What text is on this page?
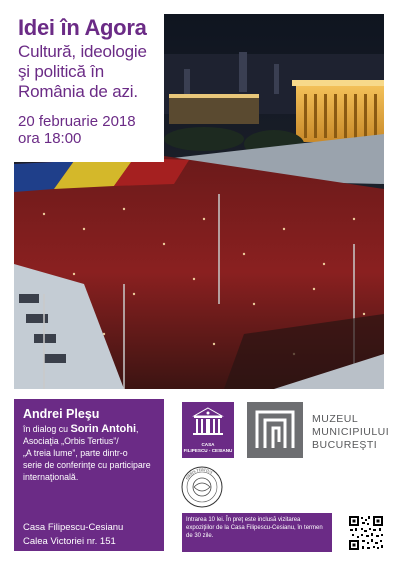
Idei în Agora
Cultură, ideologie
şi politică în
România de azi.
20 februarie 2018
ora 18:00
Andrei Pleşu
în dialog cu Sorin Antohi,
Asociaţia „Orbis Tertius”/
„A treia lume”, parte dintr-o
serie de conferinţe cu participare
internaţională.
Casa Filipescu-Cesianu
Calea Victoriei nr. 151
CASA
FILIPESCU - CESIANU
MUZEUL
MUNICIPIULUI
BUCUREŞTI
ORBIS TERTIUS
Intrarea 10 lei. În preţ este inclusă vizitarea expoziţiilor de la Casa Filipescu-Cesianu, în termen de 30 zile.
